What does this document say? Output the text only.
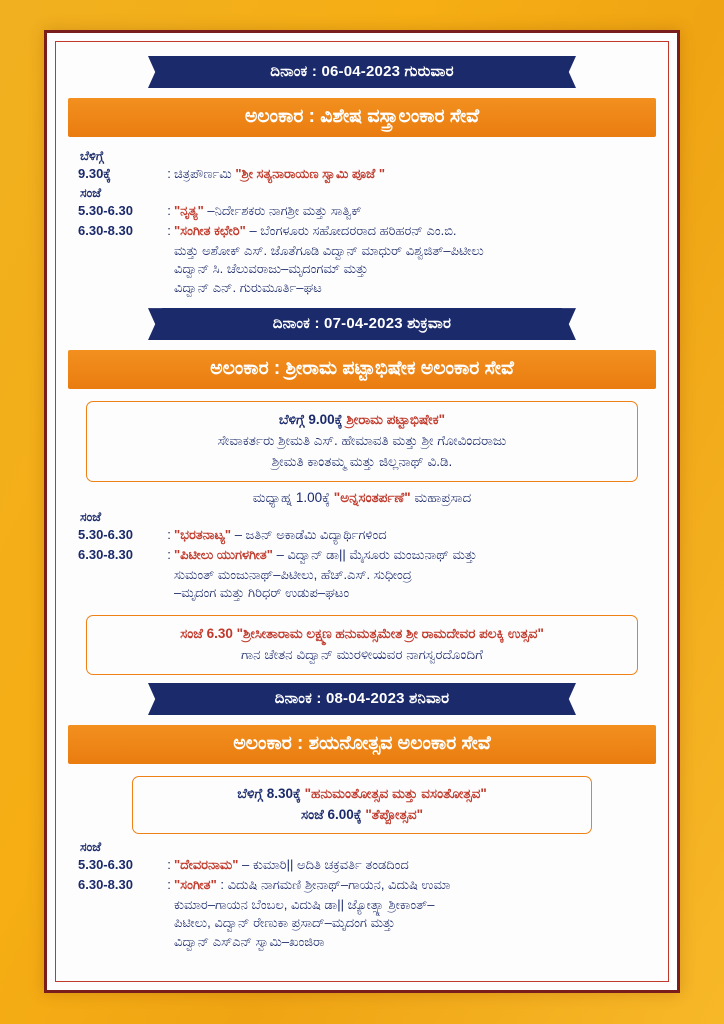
ದಿನಾಂಕ : 06-04-2023 ಗುರುವಾರ
ಅಲಂಕಾರ : ವಿಶೇಷ ವಸ್ತ್ರಾಲಂಕಾರ ಸೇವೆ
ಬೆಳಿಗ್ಗೆ
9.30ಕ್ಕೆ	: ಚಿತ್ರಪೌರ್ಣಮಿ "ಶ್ರೀ ಸತ್ಯನಾರಾಯಣ ಸ್ವಾಮಿ ಪೂಜೆ "
ಸಂಜೆ
5.30-6.30	: "ನೃತ್ಯ" –ನಿರ್ದೇಶಕರು ನಾಗಶ್ರೀ ಮತ್ತು ಸಾತ್ವಿಕ್
6.30-8.30	: "ಸಂಗೀತ ಕಛೇರಿ" – ಬೆಂಗಳೂರು ಸಹೋದರರಾದ ಹರಿಹರನ್ ಎಂ.ಬಿ.
ಮತ್ತು ಅಶೋಕ್ ಎಸ್. ಜೊತೆಗೂಡಿ ವಿದ್ವಾನ್ ಮಾಧುರ್ ವಿಶ್ವಜಿತ್–ಪಿಟೀಲು
ವಿದ್ವಾನ್ ಸಿ. ಚೆಲುವರಾಜು–ಮೃದಂಗಮ್ ಮತ್ತು
ವಿದ್ವಾನ್ ಎನ್. ಗುರುಮೂರ್ತಿ–ಘಟ
ದಿನಾಂಕ : 07-04-2023 ಶುಕ್ರವಾರ
ಅಲಂಕಾರ : ಶ್ರೀರಾಮ ಪಟ್ಟಾಭಿಷೇಕ ಅಲಂಕಾರ ಸೇವೆ
ಬೆಳಿಗ್ಗೆ 9.00ಕ್ಕೆ ಶ್ರೀರಾಮ ಪಟ್ಟಾಭಿಷೇಕ"
ಸೇವಾಕರ್ತರು ಶ್ರೀಮತಿ ಎಸ್. ಹೇಮಾವತಿ ಮತ್ತು ಶ್ರೀ ಗೋವಿಂದರಾಜು
ಶ್ರೀಮತಿ ಕಾಂತಮ್ಮ ಮತ್ತು ಜಿಲ್ಲನಾಥ್ ವಿ.ಡಿ.
ಮಧ್ಯಾಹ್ನ 1.00ಕ್ಕೆ "ಅನ್ನಸಂತರ್ಪಣೆ" ಮಹಾಪ್ರಸಾದ
ಸಂಜೆ
5.30-6.30	: "ಭರತನಾಟ್ಯ" – ಜತಿನ್ ಅಕಾಡೆಮಿ ವಿದ್ಯಾರ್ಥಿಗಳಿಂದ
6.30-8.30	: "ಪಿಟೀಲು ಯುಗಳಗೀತ" – ವಿದ್ವಾನ್ ಡಾ|| ಮೈಸೂರು ಮಂಜುನಾಥ್ ಮತ್ತು
ಸುಮಂತ್ ಮಂಜುನಾಥ್–ಪಿಟೀಲು, ಹೆಚ್.ಎಸ್. ಸುಧೀಂದ್ರ
–ಮೃದಂಗ ಮತ್ತು ಗಿರಿಧರ್ ಉಡುಪ–ಘಟಂ
ಸಂಜೆ 6.30 "ಶ್ರೀಸೀತಾರಾಮ ಲಕ್ಷ್ಮಣ ಹನುಮತ್ಸಮೇತ ಶ್ರೀ ರಾಮದೇವರ ಪಲಕ್ಕಿ ಉತ್ಸವ"
ಗಾನ ಚೇತನ ವಿದ್ವಾನ್ ಮುರಳೀಯವರ ನಾಗಸ್ವರದೊಂದಿಗೆ
ದಿನಾಂಕ : 08-04-2023 ಶನಿವಾರ
ಅಲಂಕಾರ : ಶಯನೋತ್ಸವ ಅಲಂಕಾರ ಸೇವೆ
ಬೆಳಿಗ್ಗೆ 8.30ಕ್ಕೆ "ಹನುಮಂತೋತ್ಸವ ಮತ್ತು ವಸಂತೋತ್ಸವ"
ಸಂಜೆ 6.00ಕ್ಕೆ "ತೆಪ್ಪೋತ್ಸವ"
ಸಂಜೆ
5.30-6.30	: "ದೇವರನಾಮ" – ಕುಮಾರಿ|| ಅದಿತಿ ಚಕ್ರವರ್ತಿ ತಂಡದಿಂದ
6.30-8.30	: "ಸಂಗೀತ" : ವಿದುಷಿ ನಾಗಮಣಿ ಶ್ರೀನಾಥ್–ಗಾಯನ, ವಿದುಷಿ ಉಮಾ
ಕುಮಾರ–ಗಾಯನ ಬೆಂಬಲ, ವಿದುಷಿ ಡಾ|| ಜ್ಯೋತ್ಸ್ನಾ ಶ್ರೀಕಾಂತ್–
ಪಿಟೀಲು, ವಿದ್ವಾನ್ ರೇಣುಕಾ ಪ್ರಸಾದ್–ಮೃದಂಗ ಮತ್ತು
ವಿದ್ವಾನ್ ಎಸ್ಎನ್ ಸ್ವಾಮಿ–ಖಂಜಿರಾ
